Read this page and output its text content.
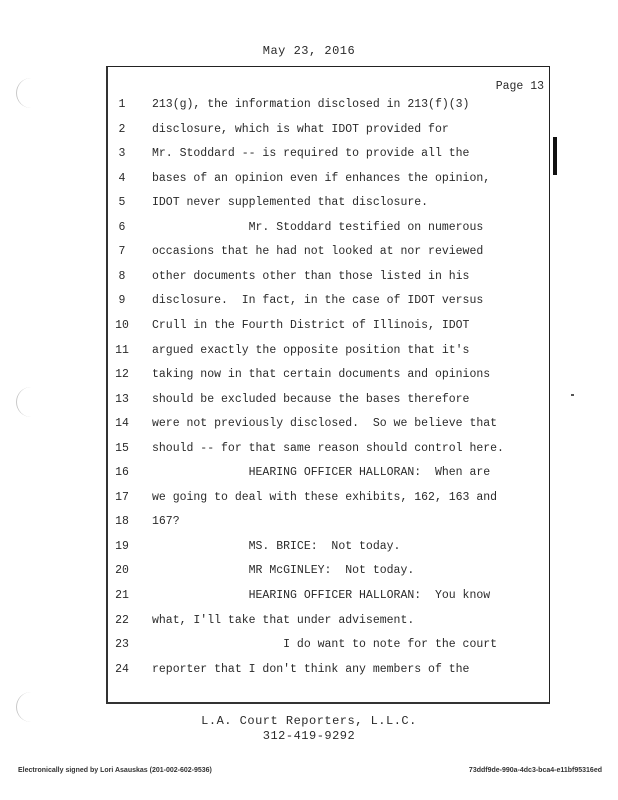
May 23, 2016
Page 13
1	213(g), the information disclosed in 213(f)(3)
2	disclosure, which is what IDOT provided for
3	Mr. Stoddard -- is required to provide all the
4	bases of an opinion even if enhances the opinion,
5	IDOT never supplemented that disclosure.
6	Mr. Stoddard testified on numerous
7	occasions that he had not looked at nor reviewed
8	other documents other than those listed in his
9	disclosure.  In fact, in the case of IDOT versus
10	Crull in the Fourth District of Illinois, IDOT
11	argued exactly the opposite position that it's
12	taking now in that certain documents and opinions
13	should be excluded because the bases therefore
14	were not previously disclosed.  So we believe that
15	should -- for that same reason should control here.
16	HEARING OFFICER HALLORAN:  When are
17	we going to deal with these exhibits, 162, 163 and
18	167?
19	MS. BRICE:  Not today.
20	MR McGINLEY:  Not today.
21	HEARING OFFICER HALLORAN:  You know
22	what, I'll take that under advisement.
23	I do want to note for the court
24	reporter that I don't think any members of the
L.A. Court Reporters, L.L.C.
312-419-9292
Electronically signed by Lori Asauskas (201-002-602-9536)	73ddf9de-990a-4dc3-bca4-e11bf95316ed
